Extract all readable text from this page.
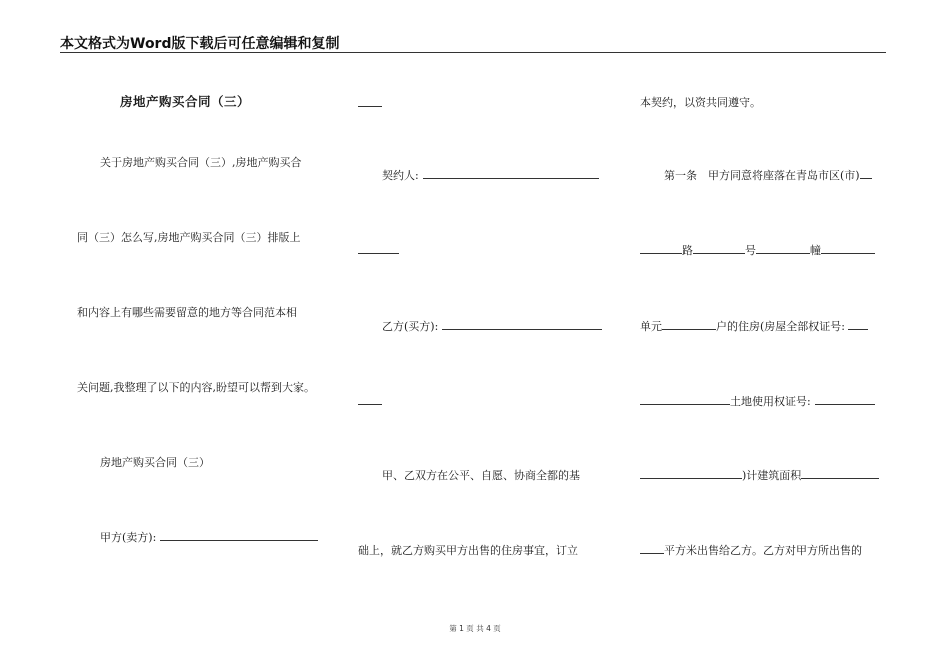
本文格式为Word版下载后可任意编辑和复制
房地产购买合同（三）
关于房地产购买合同（三）,房地产购买合
同（三）怎么写,房地产购买合同（三）排版上
和内容上有哪些需要留意的地方等合同范本相
关问题,我整理了以下的内容,盼望可以帮到大家。
房地产购买合同（三）
甲方(卖方):
契约人:
乙方(买方):
甲、乙双方在公平、自愿、协商全都的基
础上，就乙方购买甲方出售的住房事宜，订立
本契约，以资共同遵守。
第一条　甲方同意将座落在青岛市区(市)
路	号	幢
单元	户的住房(房屋全部权证号:
土地使用权证号:
)计建筑面积
平方米出售给乙方。乙方对甲方所出售的
第 1 页 共 4 页
